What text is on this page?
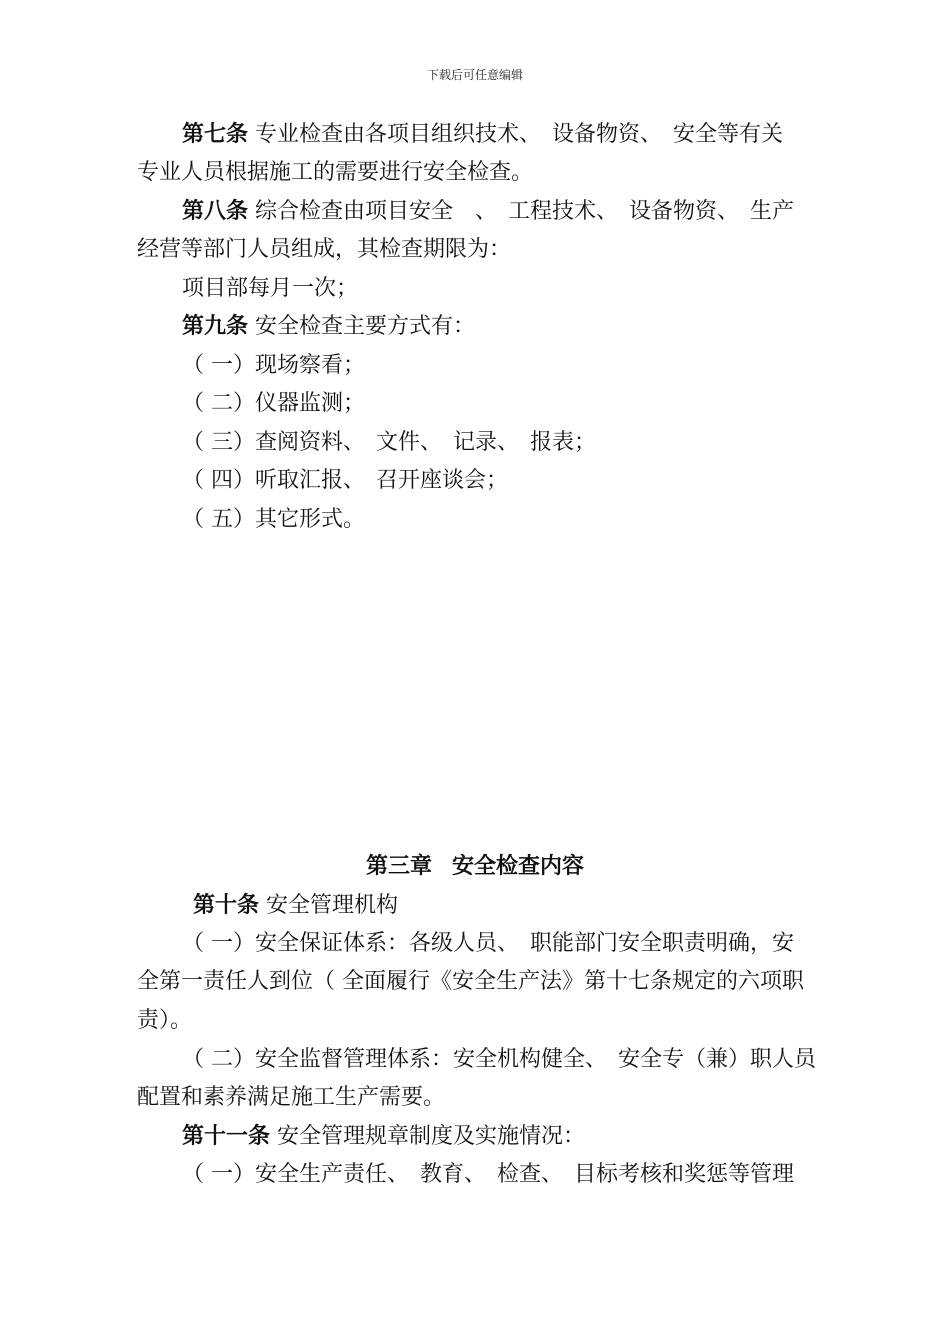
下载后可任意编辑
第七条 专业检查由各项目组织技术、　设备物资、　安全等有关
专业人员根据施工的需要进行安全检查。
第八条 综合检查由项目安全　、　工程技术、　设备物资、　生产
经营等部门人员组成，其检查期限为：
项目部每月一次；
第九条 安全检查主要方式有：
（ 一）现场察看；
（ 二）仪器监测；
（ 三）查阅资料、　文件、　记录、　报表；
（ 四）听取汇报、　召开座谈会；
（ 五）其它形式。
第三章 安全检查内容
第十条 安全管理机构
（ 一）安全保证体系：各级人员、　职能部门安全职责明确，安
全第一责任人到位（ 全面履行《安全生产法》第十七条规定的六项职
责）。
（ 二）安全监督管理体系：安全机构健全、　安全专（兼）职人员
配置和素养满足施工生产需要。
第十一条 安全管理规章制度及实施情况：
（ 一）安全生产责任、　教育、　检查、　目标考核和奖惩等管理
